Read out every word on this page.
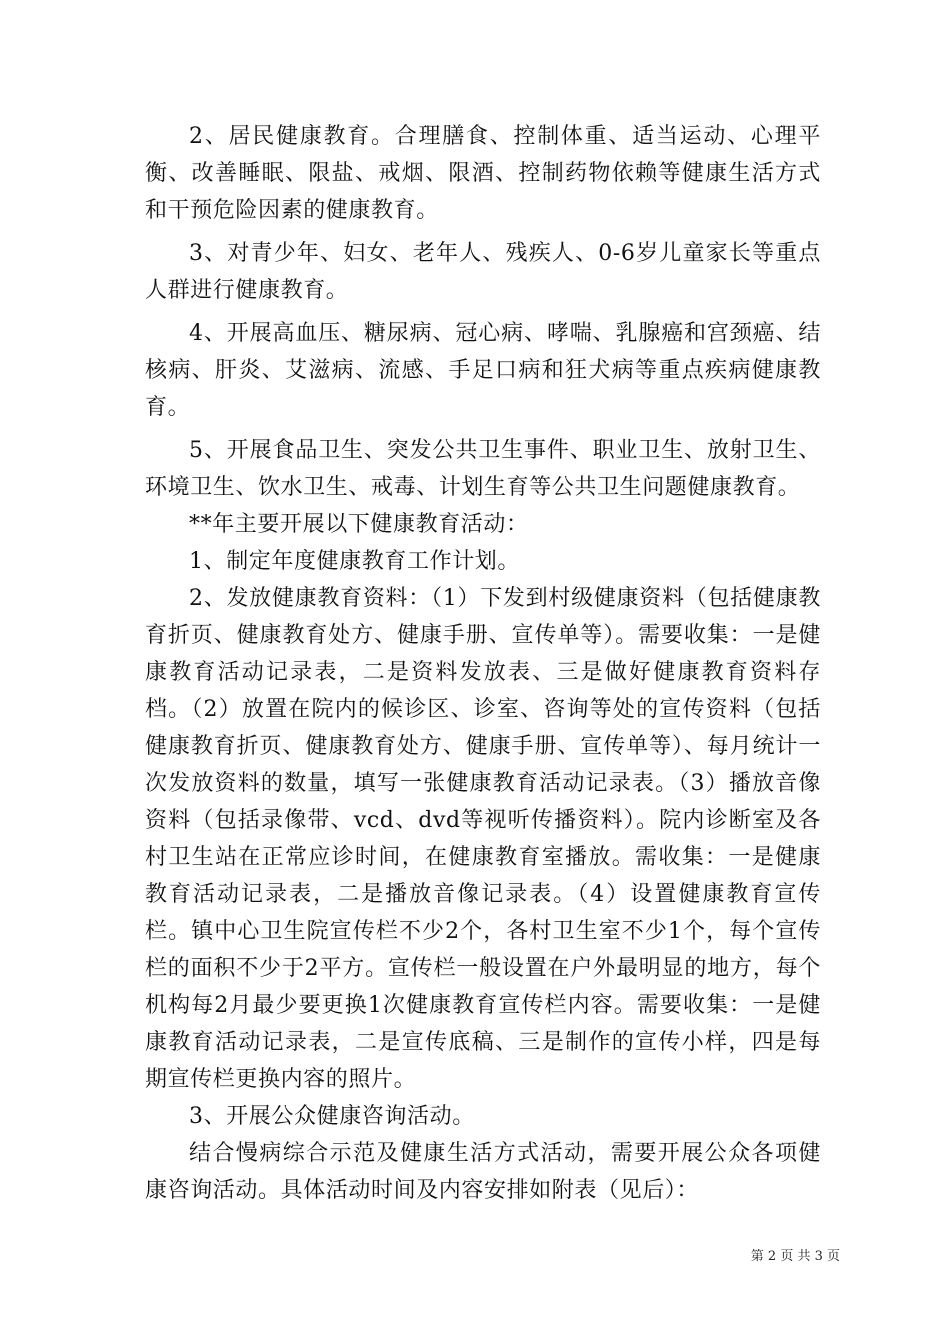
2、居民健康教育。合理膳食、控制体重、适当运动、心理平衡、改善睡眠、限盐、戒烟、限酒、控制药物依赖等健康生活方式和干预危险因素的健康教育。

3、对青少年、妇女、老年人、残疾人、0-6岁儿童家长等重点人群进行健康教育。

4、开展高血压、糖尿病、冠心病、哮喘、乳腺癌和宫颈癌、结核病、肝炎、艾滋病、流感、手足口病和狂犬病等重点疾病健康教育。

5、开展食品卫生、突发公共卫生事件、职业卫生、放射卫生、环境卫生、饮水卫生、戒毒、计划生育等公共卫生问题健康教育。

**年主要开展以下健康教育活动：

1、制定年度健康教育工作计划。

2、发放健康教育资料：（1）下发到村级健康资料（包括健康教育折页、健康教育处方、健康手册、宣传单等）。需要收集：一是健康教育活动记录表，二是资料发放表、三是做好健康教育资料存档。（2）放置在院内的候诊区、诊室、咨询等处的宣传资料（包括健康教育折页、健康教育处方、健康手册、宣传单等）、每月统计一次发放资料的数量，填写一张健康教育活动记录表。（3）播放音像资料（包括录像带、vcd、dvd等视听传播资料）。院内诊断室及各村卫生站在正常应诊时间，在健康教育室播放。需收集：一是健康教育活动记录表，二是播放音像记录表。（4）设置健康教育宣传栏。镇中心卫生院宣传栏不少2个，各村卫生室不少1个，每个宣传栏的面积不少于2平方。宣传栏一般设置在户外最明显的地方，每个机构每2月最少要更换1次健康教育宣传栏内容。需要收集：一是健康教育活动记录表，二是宣传底稿、三是制作的宣传小样，四是每期宣传栏更换内容的照片。

3、开展公众健康咨询活动。

结合慢病综合示范及健康生活方式活动，需要开展公众各项健康咨询活动。具体活动时间及内容安排如附表（见后）：

第 2 页 共 3 页
